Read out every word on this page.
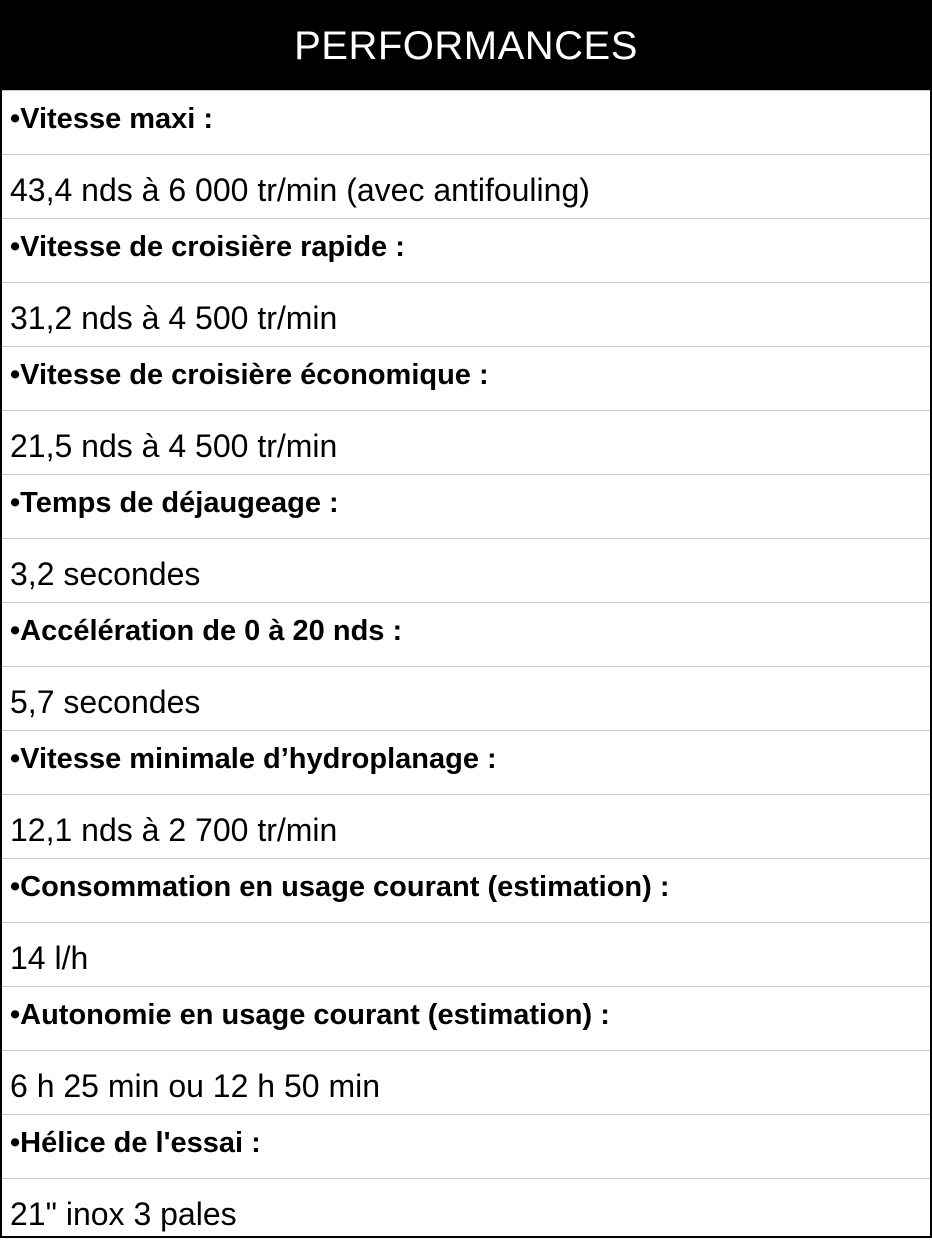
PERFORMANCES
•Vitesse maxi :
43,4 nds à 6 000 tr/min (avec antifouling)
•Vitesse de croisière rapide :
31,2 nds à 4 500 tr/min
•Vitesse de croisière économique :
21,5 nds à 4 500 tr/min
•Temps de déjaugeage :
3,2 secondes
•Accélération de 0 à 20 nds :
5,7 secondes
•Vitesse minimale d’hydroplanage :
12,1 nds à 2 700 tr/min
•Consommation en usage courant (estimation) :
14 l/h
•Autonomie en usage courant (estimation) :
6 h 25 min ou 12 h 50 min
•Hélice de l'essai :
21" inox 3 pales
